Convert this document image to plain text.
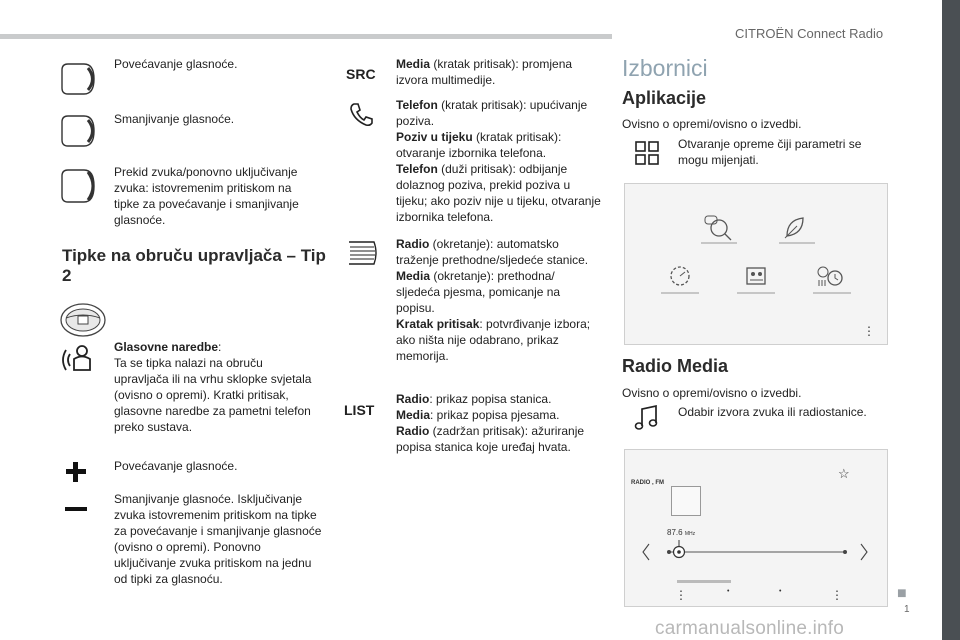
CITROËN Connect Radio
■
1
Povećavanje glasnoće.
Smanjivanje glasnoće.
Prekid zvuka/ponovno uključivanje zvuka: istovremenim pritiskom na tipke za povećavanje i smanjivanje glasnoće.
Tipke na obruču upravljača – Tip 2
Glasovne naredbe:
Ta se tipka nalazi na obruču upravljača ili na vrhu sklopke svjetala (ovisno o opremi). Kratki pritisak, glasovne naredbe za pametni telefon preko sustava.
Povećavanje glasnoće.
Smanjivanje glasnoće. Isključivanje zvuka istovremenim pritiskom na tipke za povećavanje i smanjivanje glasnoće (ovisno o opremi). Ponovno uključivanje zvuka pritiskom na jednu od tipki za glasnoću.
SRC
Media (kratak pritisak): promjena izvora multimedije.
Telefon (kratak pritisak): upućivanje poziva.
Poziv u tijeku (kratak pritisak): otvaranje izbornika telefona.
Telefon (duži pritisak): odbijanje dolaznog poziva, prekid poziva u tijeku; ako poziv nije u tijeku, otvaranje izbornika telefona.
Radio (okretanje): automatsko traženje prethodne/sljedeće stanice.
Media (okretanje): prethodna/ sljedeća pjesma, pomicanje na popisu.
Kratak pritisak: potvrđivanje izbora; ako ništa nije odabrano, prikaz memorija.
LIST
Radio: prikaz popisa stanica.
Media: prikaz popisa pjesama.
Radio (zadržan pritisak): ažuriranje popisa stanica koje uređaj hvata.
Izbornici
Aplikacije
Ovisno o opremi/ovisno o izvedbi.
Otvaranje opreme čiji parametri se mogu mijenjati.
⋮
Radio Media
Ovisno o opremi/ovisno o izvedbi.
Odabir izvora zvuka ili radiostanice.
RADIO , FM
☆
87.6 MHz
⋮	•	•	⋮
carmanualsonline.info
